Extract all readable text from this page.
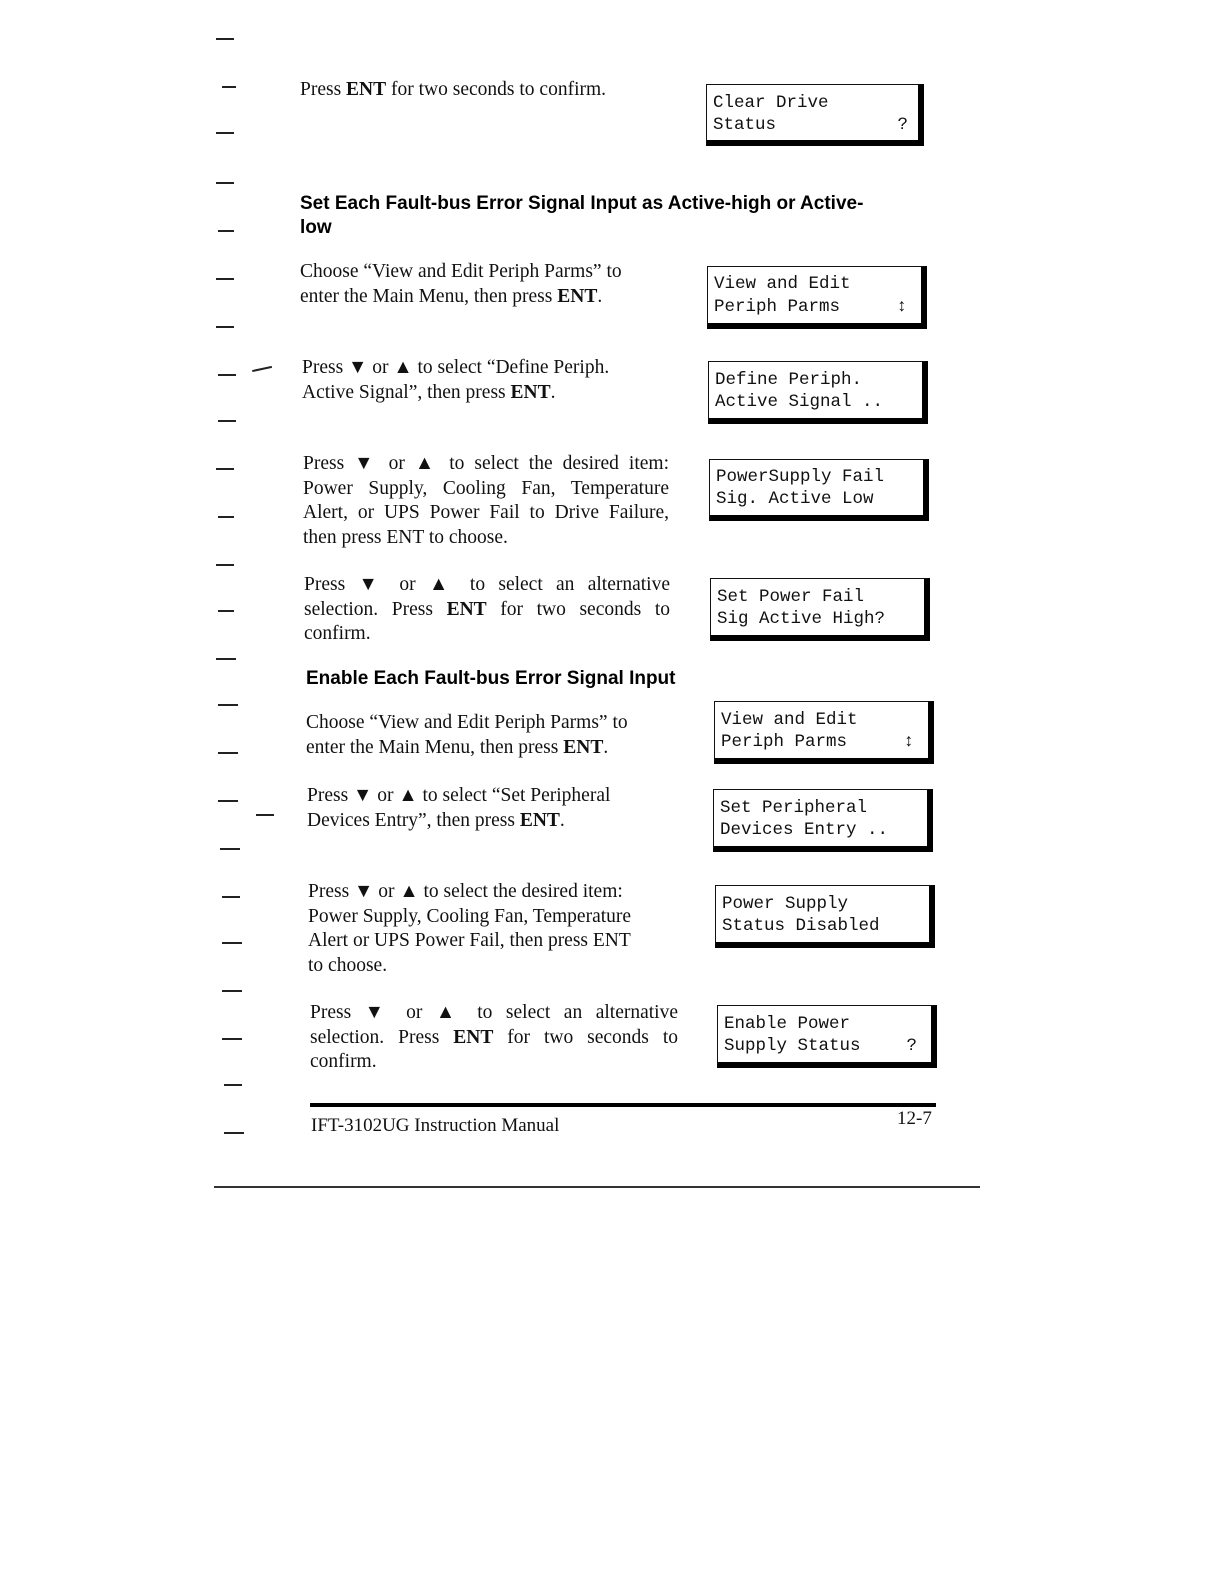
Press ENT for two seconds to confirm.
Clear Drive
Status	?
Set Each Fault-bus Error Signal Input as Active-high or Active-
low
Choose “View and Edit Periph Parms” to
enter the Main Menu, then press ENT.
View and Edit
Periph Parms	↕
Press ▼ or ▲ to select “Define Periph.
Active Signal”, then press ENT.
Define Periph.
Active Signal ..
Press ▼ or ▲ to select the desired item: Power Supply, Cooling Fan, Temperature Alert, or UPS Power Fail to Drive Failure, then press ENT to choose.
PowerSupply Fail
Sig. Active Low
Press ▼ or ▲ to select an alternative selection. Press ENT for two seconds to confirm.
Set Power Fail
Sig Active High?
Enable Each Fault-bus Error Signal Input
Choose “View and Edit Periph Parms” to
enter the Main Menu, then press ENT.
View and Edit
Periph Parms	↕
Press ▼ or ▲ to select “Set Peripheral
Devices Entry”, then press ENT.
Set Peripheral
Devices Entry ..
Press ▼ or ▲ to select the desired item:
Power Supply, Cooling Fan, Temperature
Alert or UPS Power Fail, then press ENT
to choose.
Power Supply
Status Disabled
Press ▼ or ▲ to select an alternative selection. Press ENT for two seconds to confirm.
Enable Power
Supply Status	?
IFT-3102UG Instruction Manual	12-7
